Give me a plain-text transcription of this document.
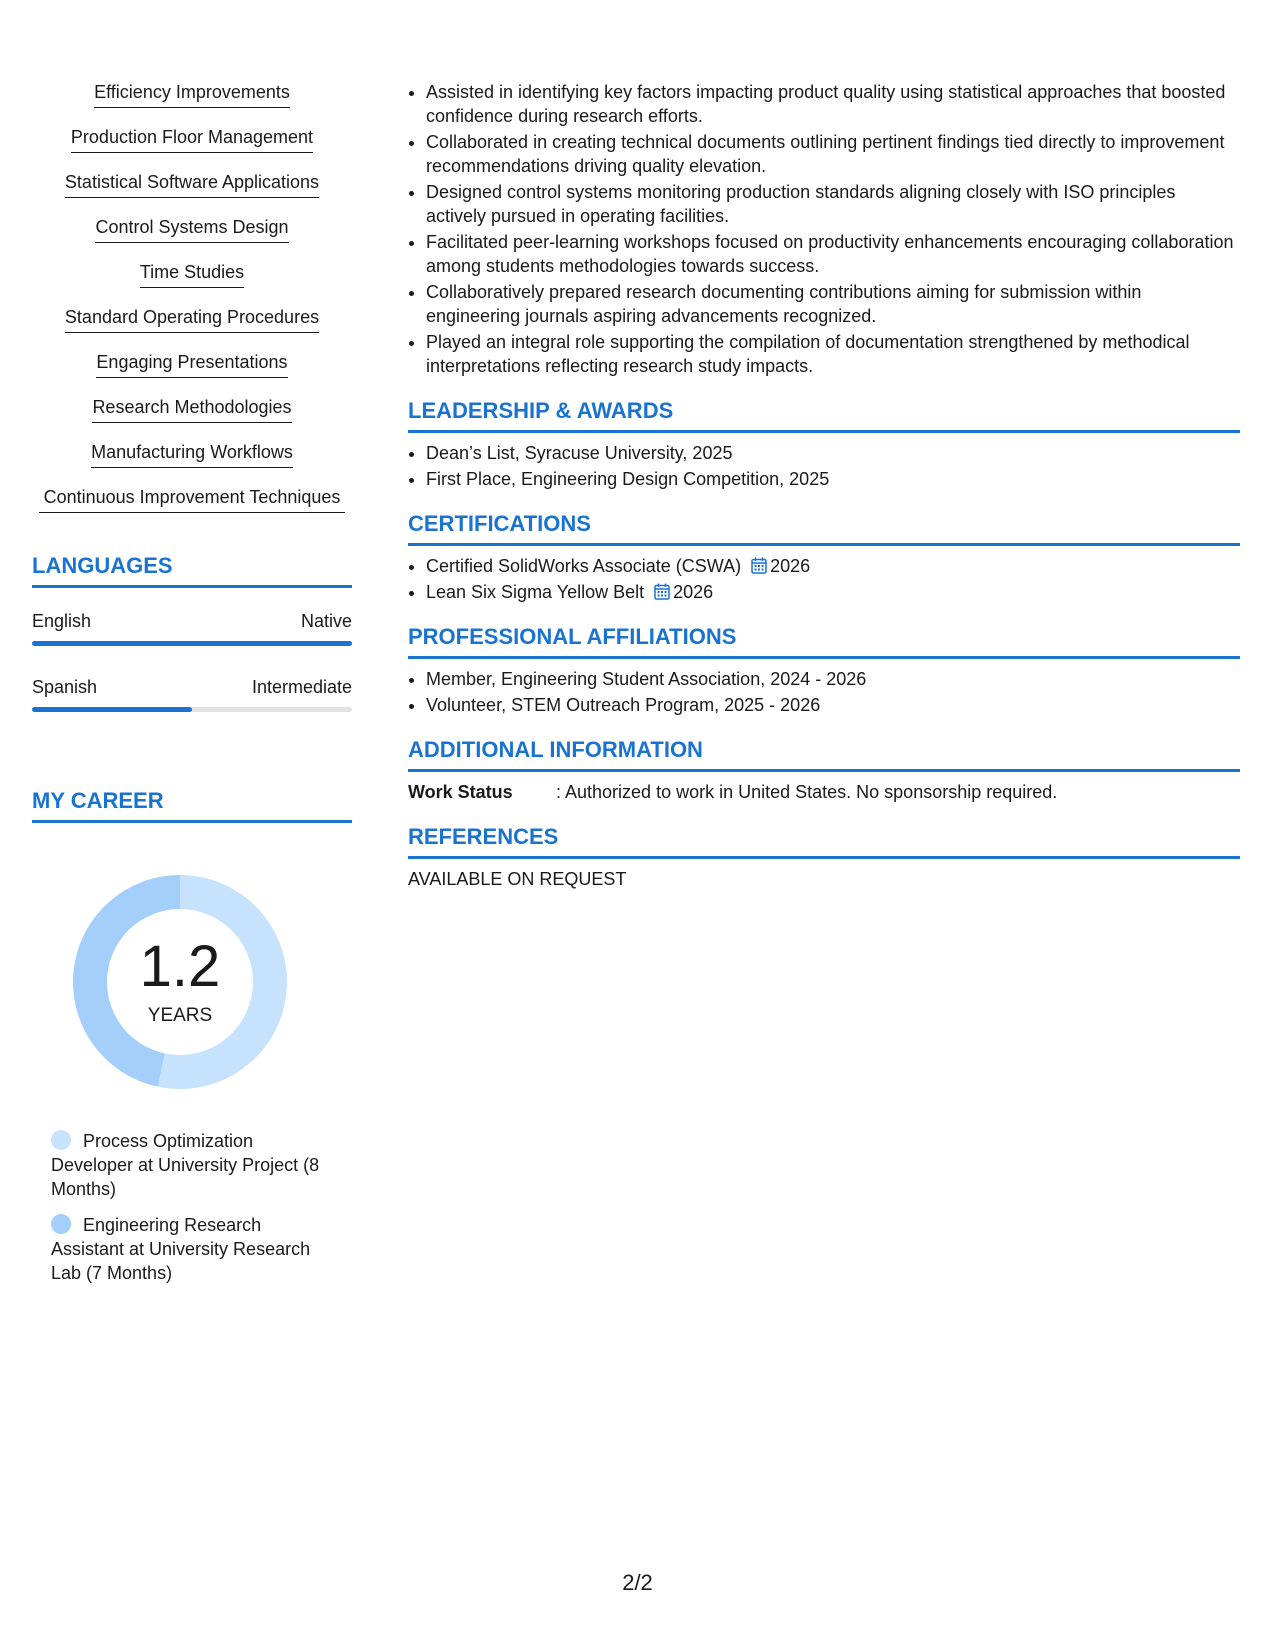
Efficiency Improvements
Production Floor Management
Statistical Software Applications
Control Systems Design
Time Studies
Standard Operating Procedures
Engaging Presentations
Research Methodologies
Manufacturing Workflows
Continuous Improvement Techniques
LANGUAGES
English	Native
Spanish	Intermediate
MY CAREER
1.2
YEARS
Process Optimization Developer at University Project (8 Months)
Engineering Research Assistant at University Research Lab (7 Months)
• Assisted in identifying key factors impacting product quality using statistical approaches that boosted confidence during research efforts.
• Collaborated in creating technical documents outlining pertinent findings tied directly to improvement recommendations driving quality elevation.
• Designed control systems monitoring production standards aligning closely with ISO principles actively pursued in operating facilities.
• Facilitated peer-learning workshops focused on productivity enhancements encouraging collaboration among students methodologies towards success.
• Collaboratively prepared research documenting contributions aiming for submission within engineering journals aspiring advancements recognized.
• Played an integral role supporting the compilation of documentation strengthened by methodical interpretations reflecting research study impacts.
LEADERSHIP & AWARDS
• Dean’s List, Syracuse University, 2025
• First Place, Engineering Design Competition, 2025
CERTIFICATIONS
• Certified SolidWorks Associate (CSWA) 2026
• Lean Six Sigma Yellow Belt 2026
PROFESSIONAL AFFILIATIONS
• Member, Engineering Student Association, 2024 - 2026
• Volunteer, STEM Outreach Program, 2025 - 2026
ADDITIONAL INFORMATION
Work Status : Authorized to work in United States. No sponsorship required.
REFERENCES
AVAILABLE ON REQUEST
2/2
